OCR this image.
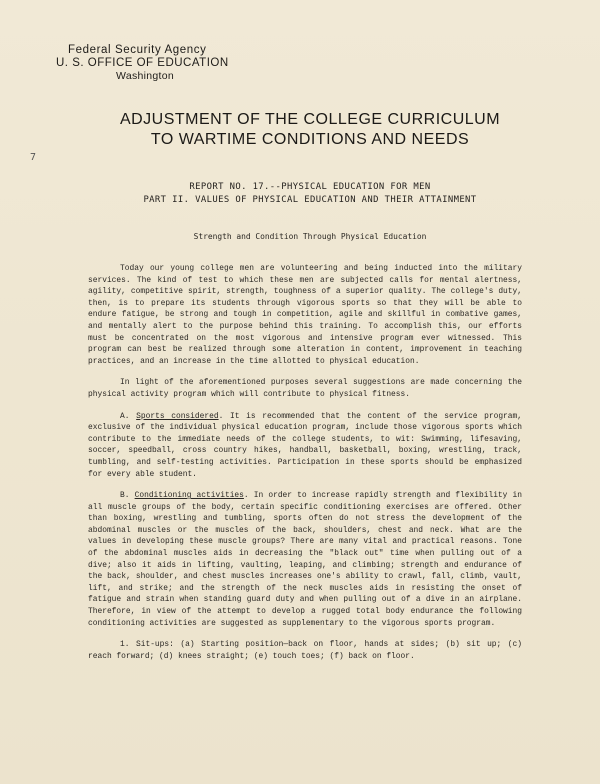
Federal Security Agency
U. S. OFFICE OF EDUCATION
Washington
7
ADJUSTMENT OF THE COLLEGE CURRICULUM
TO WARTIME CONDITIONS AND NEEDS
REPORT NO. 17.--PHYSICAL EDUCATION FOR MEN
PART II. VALUES OF PHYSICAL EDUCATION AND THEIR ATTAINMENT
Strength and Condition Through Physical Education

Today our young college men are volunteering and being inducted into the military services. The kind of test to which these men are subjected calls for mental alertness, agility, competitive spirit, strength, toughness of a superior quality. The college's duty, then, is to prepare its students through vigorous sports so that they will be able to endure fatigue, be strong and tough in competition, agile and skillful in combative games, and mentally alert to the purpose behind this training. To accomplish this, our efforts must be concentrated on the most vigorous and intensive program ever witnessed. This program can best be realized through some alteration in content, improvement in teaching practices, and an increase in the time allotted to physical education.

In light of the aforementioned purposes several suggestions are made concerning the physical activity program which will contribute to physical fitness.

A. Sports considered. It is recommended that the content of the service program, exclusive of the individual physical education program, include those vigorous sports which contribute to the immediate needs of the college students, to wit: Swimming, lifesaving, soccer, speedball, cross country hikes, handball, basketball, boxing, wrestling, track, tumbling, and self-testing activities. Participation in these sports should be emphasized for every able student.

B. Conditioning activities. In order to increase rapidly strength and flexibility in all muscle groups of the body, certain specific conditioning exercises are offered. Other than boxing, wrestling and tumbling, sports often do not stress the development of the abdominal muscles or the muscles of the back, shoulders, chest and neck. What are the values in developing these muscle groups? There are many vital and practical reasons. Tone of the abdominal muscles aids in decreasing the "black out" time when pulling out of a dive; also it aids in lifting, vaulting, leaping, and climbing; strength and endurance of the back, shoulder, and chest muscles increases one's ability to crawl, fall, climb, vault, lift, and strike; and the strength of the neck muscles aids in resisting the onset of fatigue and strain when standing guard duty and when pulling out of a dive in an airplane. Therefore, in view of the attempt to develop a rugged total body endurance the following conditioning activities are suggested as supplementary to the vigorous sports program.

1. Sit-ups: (a) Starting position—back on floor, hands at sides; (b) sit up; (c) reach forward; (d) knees straight; (e) touch toes; (f) back on floor.
